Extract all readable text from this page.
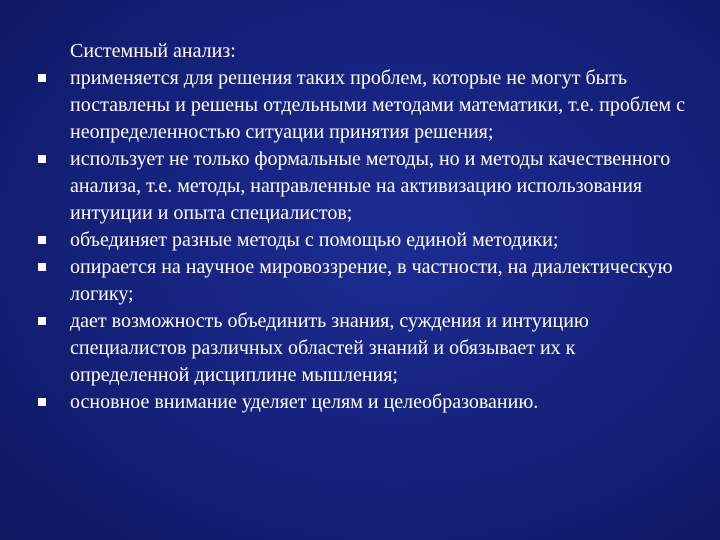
Системный анализ:

применяется для решения таких проблем, которые не могут быть поставлены и решены отдельными методами математики, т.е. проблем с неопределенностью ситуации принятия решения;
использует не только формальные методы, но и методы качественного анализа, т.е. методы, направленные на активизацию использования интуиции и опыта специалистов;
объединяет разные методы с помощью единой методики;
опирается на научное мировоззрение, в частности, на диалектическую логику;
дает возможность объединить знания, суждения и интуицию специалистов различных областей знаний и обязывает их к определенной дисциплине мышления;
основное внимание уделяет целям и целеобразованию.
